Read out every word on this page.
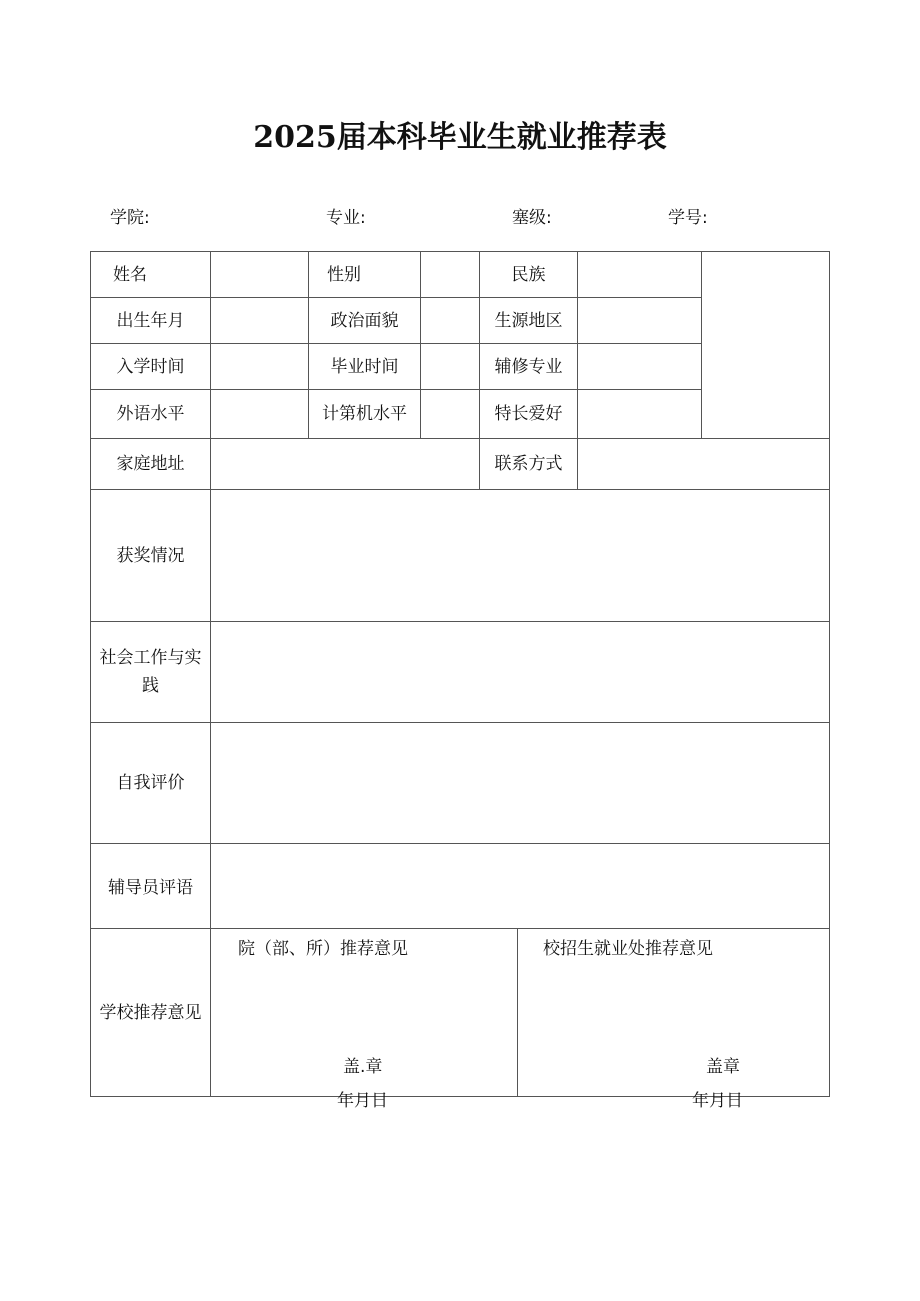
2025届本科毕业生就业推荐表
学院:	专业:	塞级:	学号:
姓名	性别	民族
出生年月	政治面貌	生源地区
入学时间	毕业时间	辅修专业
外语水平	计第机水平	特长爱好
家庭地址	联系方式
获奖情况
社会工作与实践
自我评价
辅导员评语
学校推荐意见
院（部、所）推荐意见
盖.章
年月日
校招生就业处推荐意见
盖章
年月日
